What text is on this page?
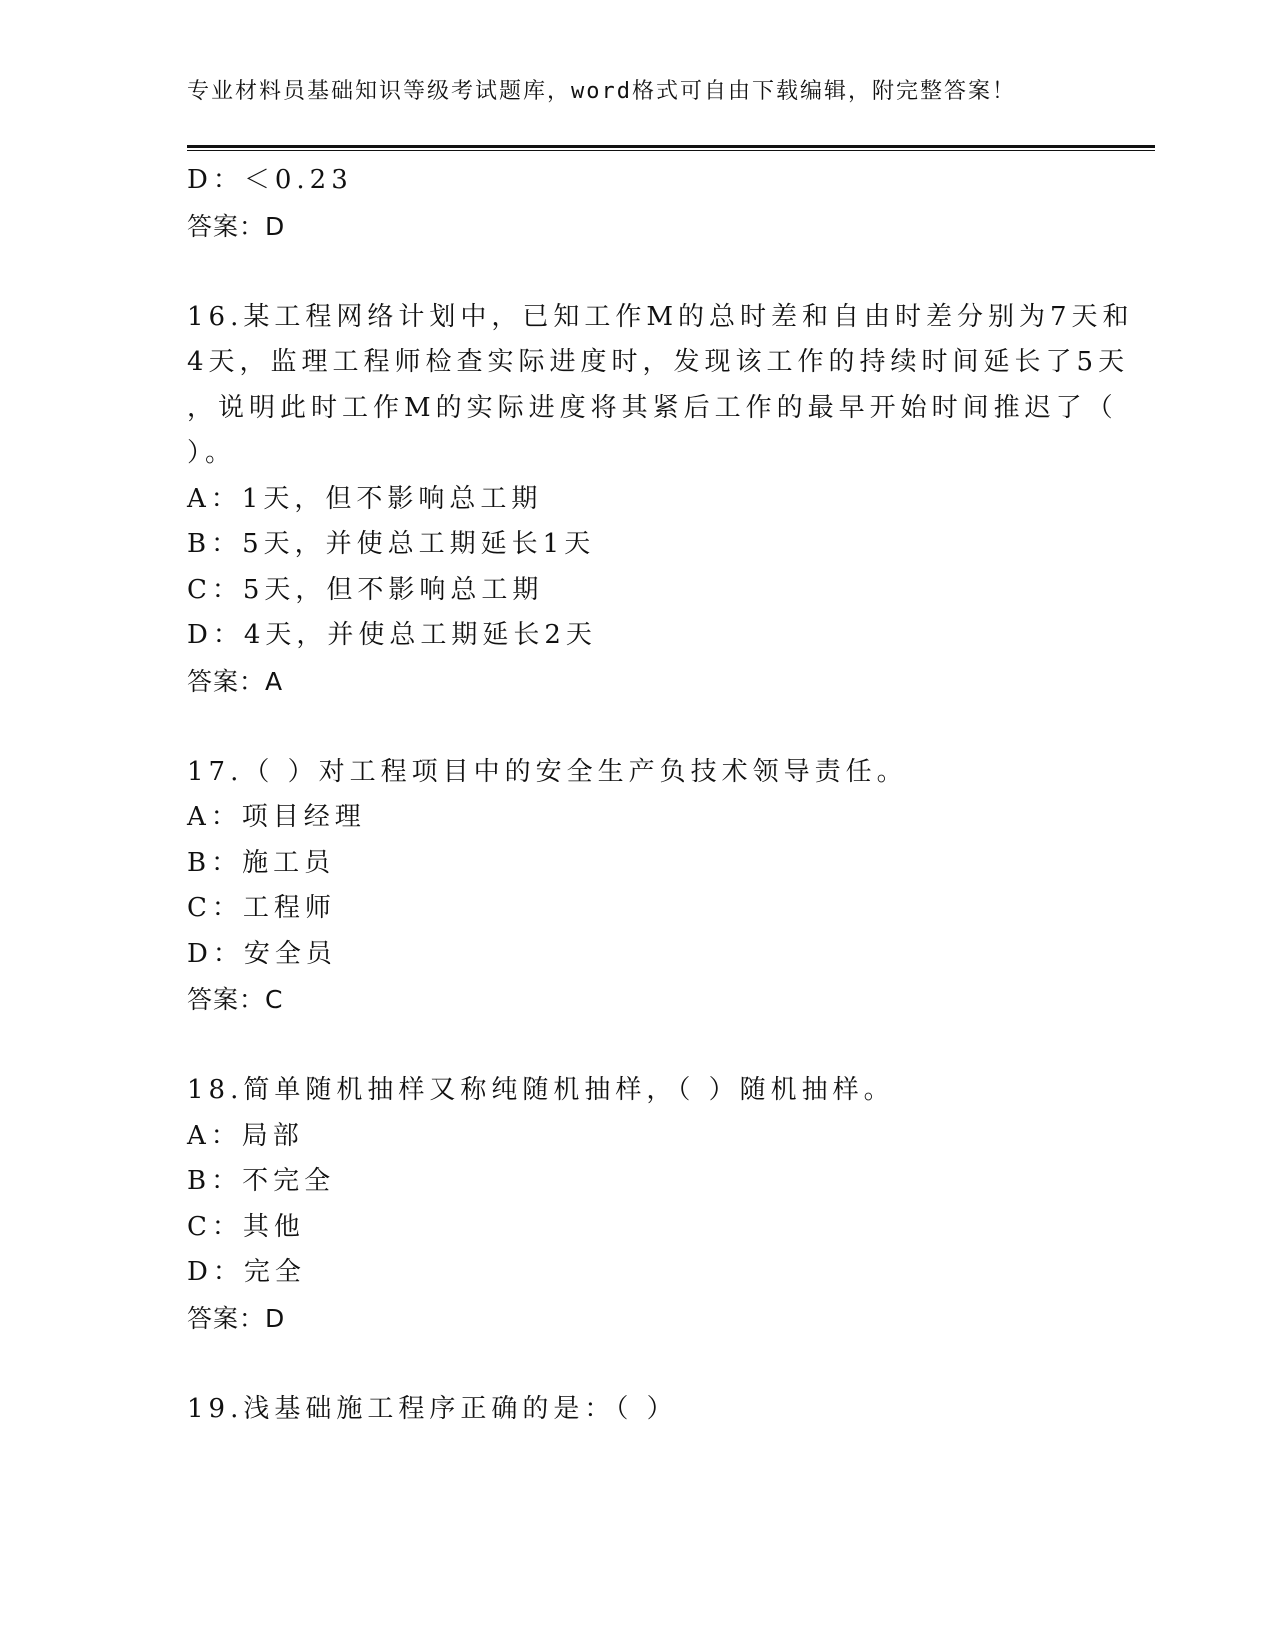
专业材料员基础知识等级考试题库，word格式可自由下载编辑，附完整答案！
D：＜0.23
答案：D
16.某工程网络计划中，已知工作M的总时差和自由时差分别为7天和
4天，监理工程师检查实际进度时，发现该工作的持续时间延长了5天
，说明此时工作M的实际进度将其紧后工作的最早开始时间推迟了（
）。
A：1天，但不影响总工期
B：5天，并使总工期延长1天
C：5天，但不影响总工期
D：4天，并使总工期延长2天
答案：A
17.（ ）对工程项目中的安全生产负技术领导责任。
A：项目经理
B：施工员
C：工程师
D：安全员
答案：C
18.简单随机抽样又称纯随机抽样，（ ）随机抽样。
A：局部
B：不完全
C：其他
D：完全
答案：D
19.浅基础施工程序正确的是：（ ）
